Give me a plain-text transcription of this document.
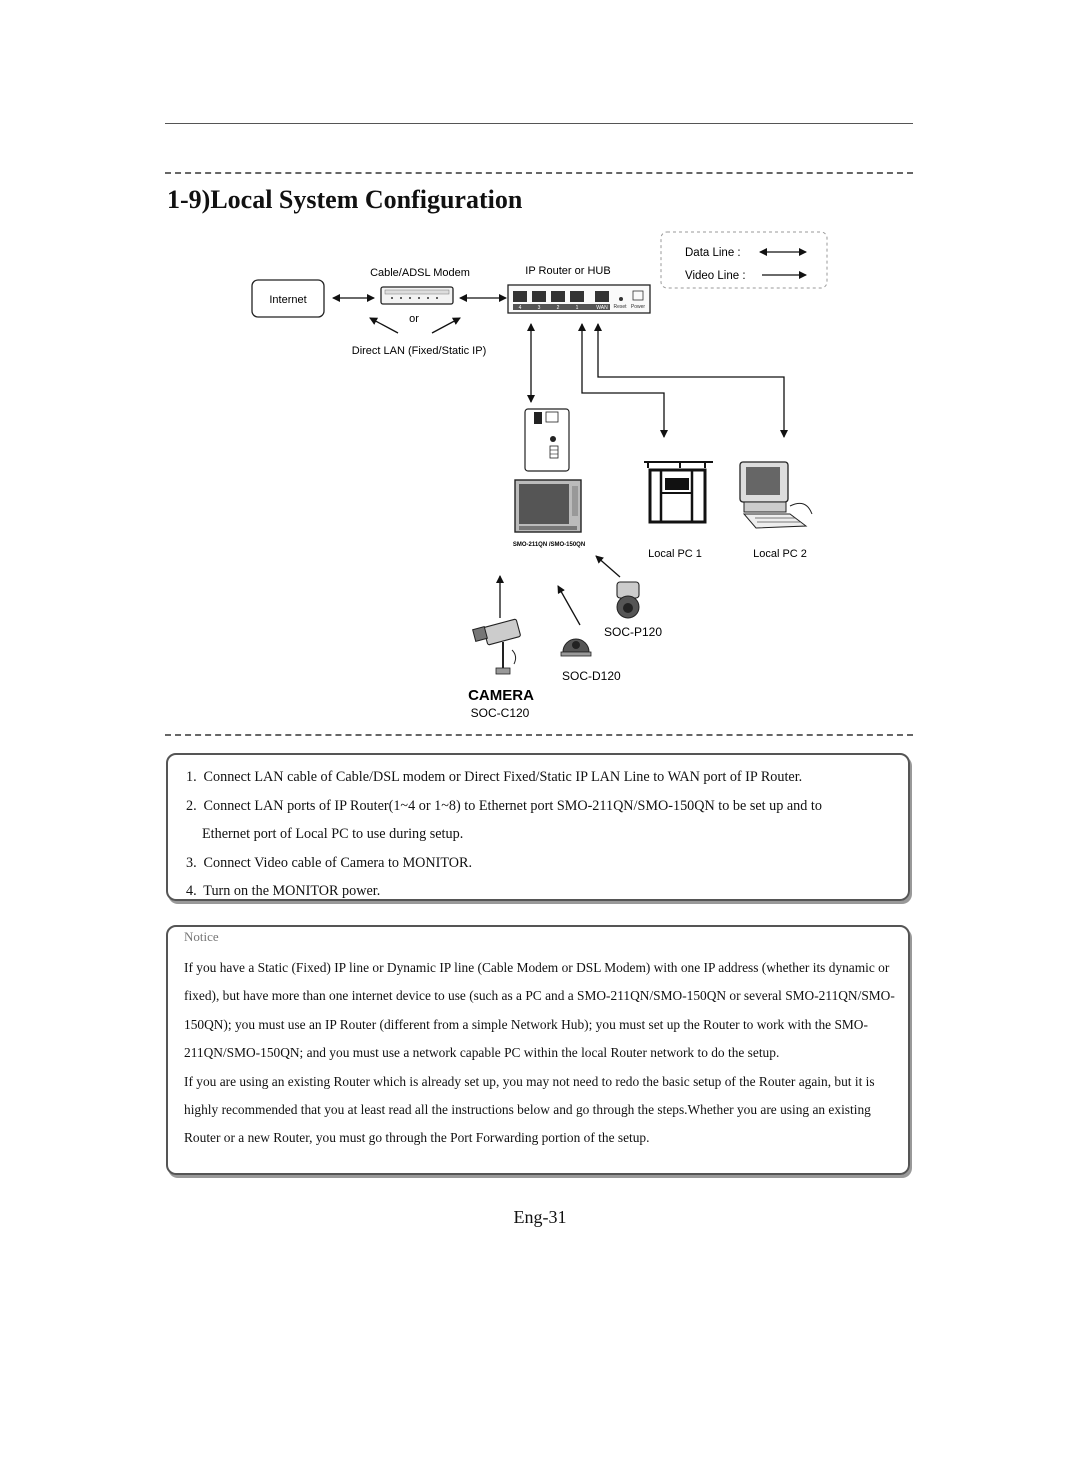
1-9)Local System Configuration
Data Line :
Video Line :
Internet
Cable/ADSL Modem
or
Direct LAN (Fixed/Static IP)
IP Router or HUB
4	3	2	1	WAN Reset Power
SMO-211QN /SMO-150QN
Local PC 1	Local PC 2
SOC-P120
SOC-D120
CAMERA
SOC-C120
1. Connect LAN cable of Cable/DSL modem or Direct Fixed/Static IP LAN Line to WAN port of IP Router.
2. Connect LAN ports of IP Router(1~4 or 1~8) to Ethernet port SMO-211QN/SMO-150QN to be set up and to
Ethernet port of Local PC to use during setup.
3. Connect Video cable of Camera to MONITOR.
4. Turn on the MONITOR power.
Notice

If you have a Static (Fixed) IP line or Dynamic IP line (Cable Modem or DSL Modem) with one IP address (whether its dynamic or fixed), but have more than one internet device to use (such as a PC and a SMO-211QN/SMO-150QN or several SMO-211QN/SMO-150QN); you must use an IP Router (different from a simple Network Hub); you must set up the Router to work with the SMO-211QN/SMO-150QN; and you must use a network capable PC within the local Router network to do the setup.

If you are using an existing Router which is already set up, you may not need to redo the basic setup of the Router again, but it is highly recommended that you at least read all the instructions below and go through the steps.Whether you are using an existing Router or a new Router, you must go through the Port Forwarding portion of the setup.

Eng-31
